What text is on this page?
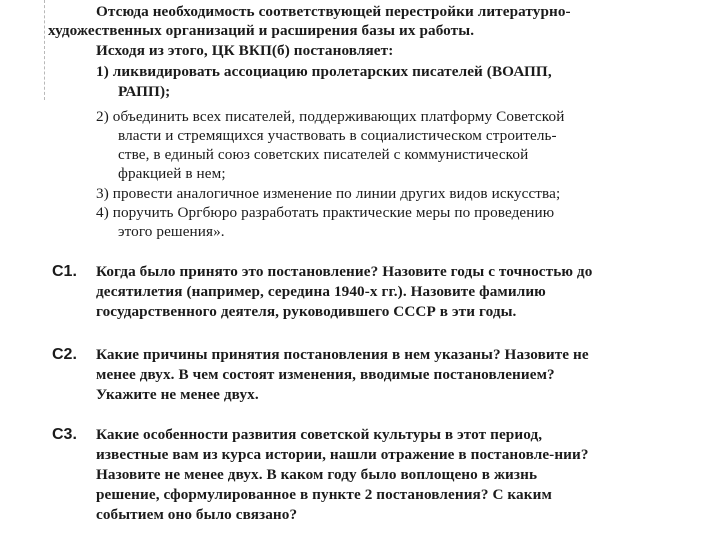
Отсюда необходимость соответствующей перестройки литературно-
художественных организаций и расширения базы их работы.
Исходя из этого, ЦК ВКП(б) постановляет:
1) ликвидировать ассоциацию пролетарских писателей (ВОАПП,
РАПП);
2) объединить всех писателей, поддерживающих платформу Советской
власти и стремящихся участвовать в социалистическом строитель-
стве, в единый союз советских писателей с коммунистической
фракцией в нем;
3) провести аналогичное изменение по линии других видов искусства;
4) поручить Оргбюро разработать практические меры по проведению
этого решения».
С1. Когда было принято это постановление? Назовите годы с точностью до
десятилетия (например, середина 1940-х гг.). Назовите фамилию
государственного деятеля, руководившего СССР в эти годы.
С2. Какие причины принятия постановления в нем указаны? Назовите не
менее двух. В чем состоят изменения, вводимые постановлением?
Укажите не менее двух.
С3. Какие особенности развития советской культуры в этот период,
известные вам из курса истории, нашли отражение в постановле-нии?
Назовите не менее двух. В каком году было воплощено в жизнь
решение, сформулированное в пункте 2 постановления? С каким
событием оно было связано?
